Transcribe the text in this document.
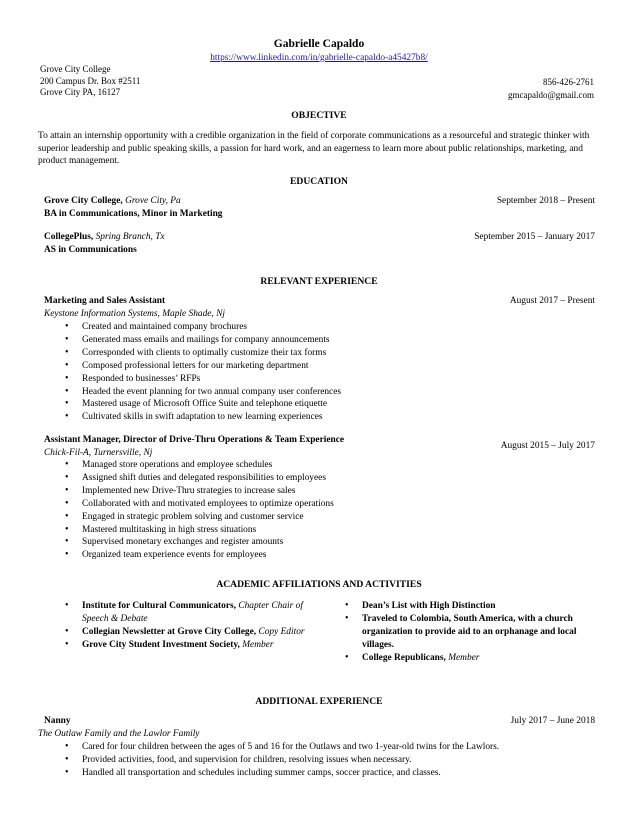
Gabrielle Capaldo
https://www.linkedin.com/in/gabrielle-capaldo-a45427b8/
Grove City College
200 Campus Dr. Box #2511
Grove City PA, 16127
856-426-2761
gmcapaldo@gmail.com
OBJECTIVE
To attain an internship opportunity with a credible organization in the field of corporate communications as a resourceful and strategic thinker with superior leadership and public speaking skills, a passion for hard work, and an eagerness to learn more about public relationships, marketing, and product management.
EDUCATION
Grove City College, Grove City, Pa	September 2018 – Present
BA in Communications, Minor in Marketing
CollegePlus, Spring Branch, Tx	September 2015 – January 2017
AS in Communications
RELEVANT EXPERIENCE
Marketing and Sales Assistant	August 2017 – Present
Keystone Information Systems, Maple Shade, Nj
• Created and maintained company brochures
• Generated mass emails and mailings for company announcements
• Corresponded with clients to optimally customize their tax forms
• Composed professional letters for our marketing department
• Responded to businesses’ RFPs
• Headed the event planning for two annual company user conferences
• Mastered usage of Microsoft Office Suite and telephone etiquette
• Cultivated skills in swift adaptation to new learning experiences
Assistant Manager, Director of Drive-Thru Operations & Team Experience
August 2015 – July 2017
Chick-Fil-A, Turnersville, Nj
• Managed store operations and employee schedules
• Assigned shift duties and delegated responsibilities to employees
• Implemented new Drive-Thru strategies to increase sales
• Collaborated with and motivated employees to optimize operations
• Engaged in strategic problem solving and customer service
• Mastered multitasking in high stress situations
• Supervised monetary exchanges and register amounts
• Organized team experience events for employees
ACADEMIC AFFILIATIONS AND ACTIVITIES
• Institute for Cultural Communicators, Chapter Chair of Speech & Debate
• Collegian Newsletter at Grove City College, Copy Editor
• Grove City Student Investment Society, Member
• Dean’s List with High Distinction
• Traveled to Colombia, South America, with a church organization to provide aid to an orphanage and local villages.
• College Republicans, Member
ADDITIONAL EXPERIENCE
Nanny	July 2017 – June 2018
The Outlaw Family and the Lawlor Family
• Cared for four children between the ages of 5 and 16 for the Outlaws and two 1-year-old twins for the Lawlors.
• Provided activities, food, and supervision for children, resolving issues when necessary.
• Handled all transportation and schedules including summer camps, soccer practice, and classes.
